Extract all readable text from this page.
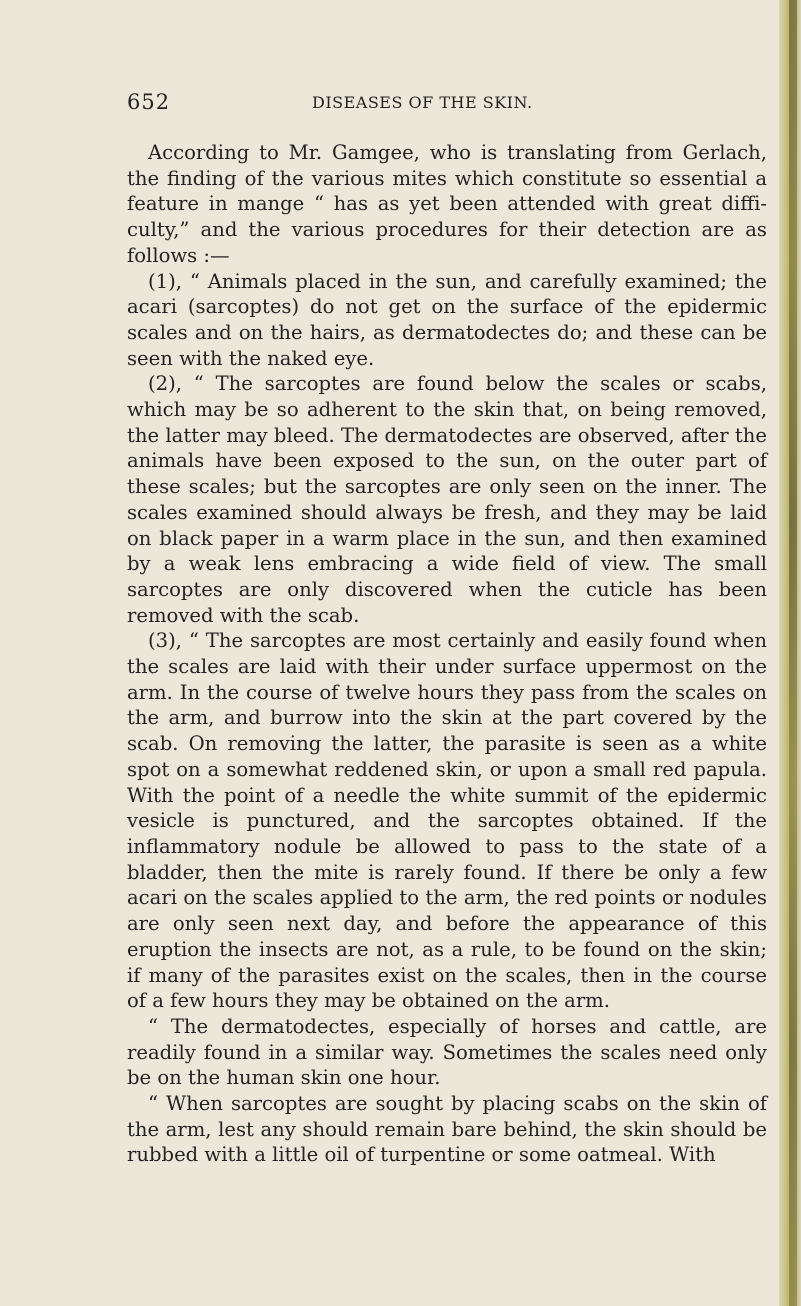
652	DISEASES OF THE SKIN.

According to Mr. Gamgee, who is translating from Gerlach, the finding of the various mites which constitute so essential a feature in mange “ has as yet been attended with great diffi-culty,” and the various procedures for their detection are as follows :—

(1), “ Animals placed in the sun, and carefully examined; the acari (sarcoptes) do not get on the surface of the epidermic scales and on the hairs, as dermatodectes do; and these can be seen with the naked eye.

(2), “ The sarcoptes are found below the scales or scabs, which may be so adherent to the skin that, on being removed, the latter may bleed. The dermatodectes are observed, after the animals have been exposed to the sun, on the outer part of these scales; but the sarcoptes are only seen on the inner. The scales examined should always be fresh, and they may be laid on black paper in a warm place in the sun, and then examined by a weak lens embracing a wide field of view. The small sarcoptes are only discovered when the cuticle has been removed with the scab.

(3), “ The sarcoptes are most certainly and easily found when the scales are laid with their under surface uppermost on the arm. In the course of twelve hours they pass from the scales on the arm, and burrow into the skin at the part covered by the scab. On removing the latter, the parasite is seen as a white spot on a somewhat reddened skin, or upon a small red papula. With the point of a needle the white summit of the epidermic vesicle is punctured, and the sarcoptes obtained. If the inflammatory nodule be allowed to pass to the state of a bladder, then the mite is rarely found. If there be only a few acari on the scales applied to the arm, the red points or nodules are only seen next day, and before the appearance of this eruption the insects are not, as a rule, to be found on the skin; if many of the parasites exist on the scales, then in the course of a few hours they may be obtained on the arm.

“ The dermatodectes, especially of horses and cattle, are readily found in a similar way. Sometimes the scales need only be on the human skin one hour.

“ When sarcoptes are sought by placing scabs on the skin of the arm, lest any should remain bare behind, the skin should be rubbed with a little oil of turpentine or some oatmeal. With
